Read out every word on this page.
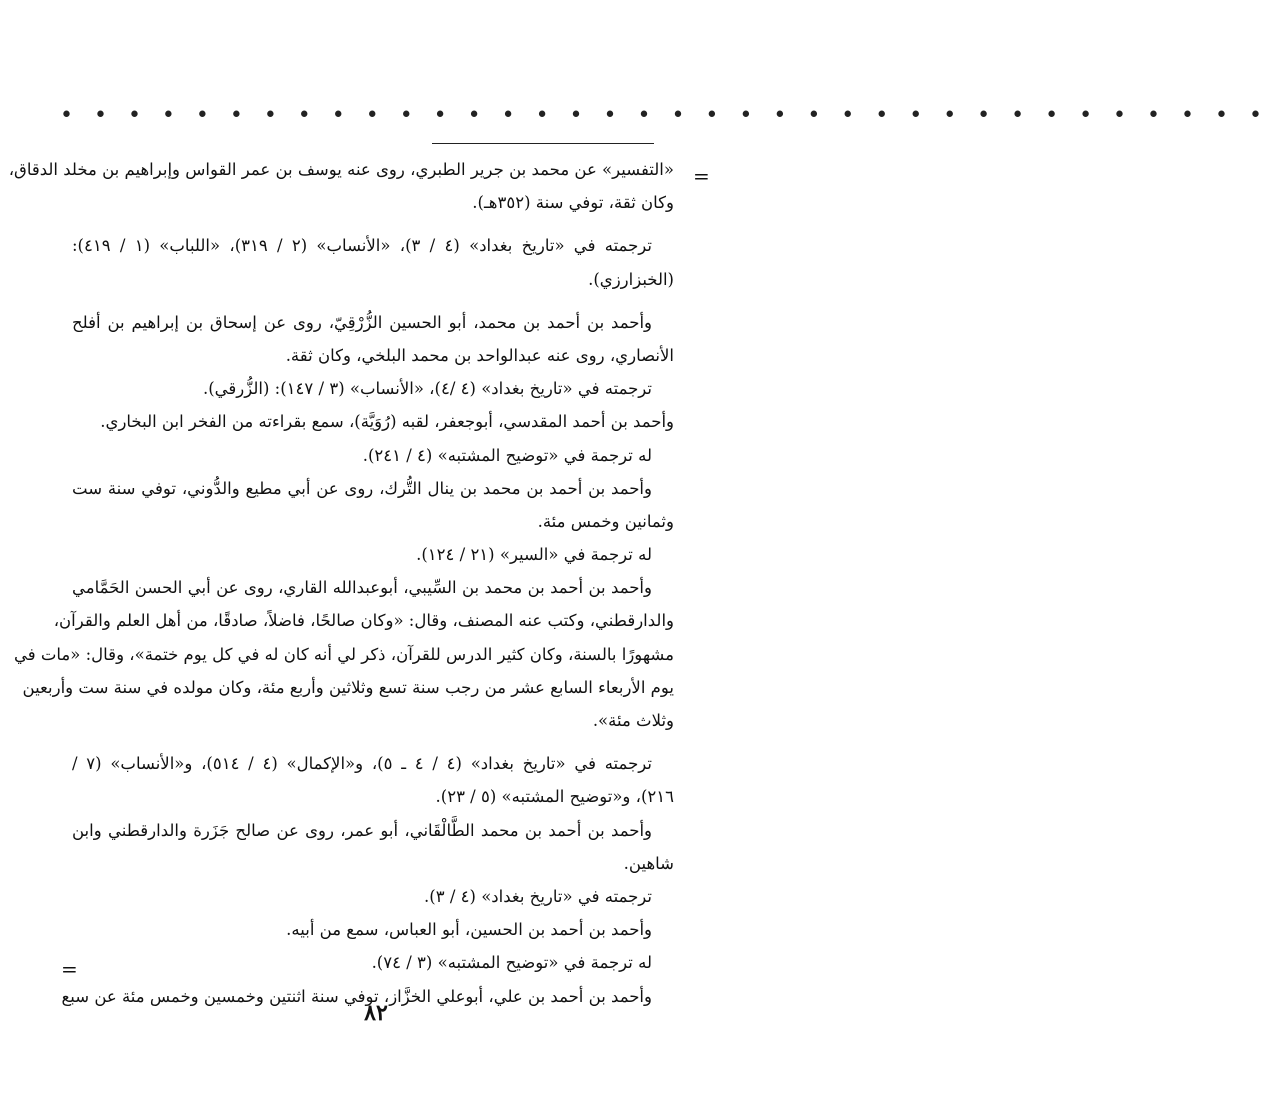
• • • • • • • • • • • • • • • • • • • • • • • • • • • • • • • • • • • •
=
=
«التفسير» عن محمد بن جرير الطبري، روى عنه يوسف بن عمر القواس وإبراهيم بن مخلد الدقاق،
وكان ثقة، توفي سنة (٣٥٢هـ).
ترجمته في «تاريخ بغداد» (٤ / ٣)، «الأنساب» (٢ / ٣١٩)، «اللباب» (١ / ٤١٩):
(الخبزارزي).
وأحمد بن أحمد بن محمد، أبو الحسين الزُّرْقِيّ، روى عن إسحاق بن إبراهيم بن أفلح
الأنصاري، روى عنه عبدالواحد بن محمد البلخي، وكان ثقة.
ترجمته في «تاريخ بغداد» (٤ /٤)، «الأنساب» (٣ / ١٤٧): (الزُّرقي).
وأحمد بن أحمد المقدسي، أبوجعفر، لقبه (رُوَيَّة)، سمع بقراءته من الفخر ابن البخاري.
له ترجمة في «توضيح المشتبه» (٤ / ٢٤١).
وأحمد بن أحمد بن محمد بن ينال التُّرك، روى عن أبي مطيع والدُّوني، توفي سنة ست
وثمانين وخمس مئة.
له ترجمة في «السير» (٢١ / ١٢٤).
وأحمد بن أحمد بن محمد بن السِّيبي، أبوعبدالله القاري، روى عن أبي الحسن الحَمَّامي
والدارقطني، وكتب عنه المصنف، وقال: «وكان صالحًا، فاضلاً، صادقًا، من أهل العلم والقرآن،
مشهورًا بالسنة، وكان كثير الدرس للقرآن، ذكر لي أنه كان له في كل يوم ختمة»، وقال: «مات في
يوم الأربعاء السابع عشر من رجب سنة تسع وثلاثين وأربع مئة، وكان مولده في سنة ست وأربعين
وثلاث مئة».
ترجمته في «تاريخ بغداد» (٤ / ٤ ـ ٥)، و«الإكمال» (٤ / ٥١٤)، و«الأنساب» (٧ /
٢١٦)، و«توضيح المشتبه» (٥ / ٢٣).
وأحمد بن أحمد بن محمد الطَّالْقَاني، أبو عمر، روى عن صالح جَزَرة والدارقطني وابن
شاهين.
ترجمته في «تاريخ بغداد» (٤ / ٣).
وأحمد بن أحمد بن الحسين، أبو العباس، سمع من أبيه.
له ترجمة في «توضيح المشتبه» (٣ / ٧٤).
وأحمد بن أحمد بن علي، أبوعلي الخزَّاز، توفي سنة اثنتين وخمسين وخمس مئة عن سبع
٨٢
